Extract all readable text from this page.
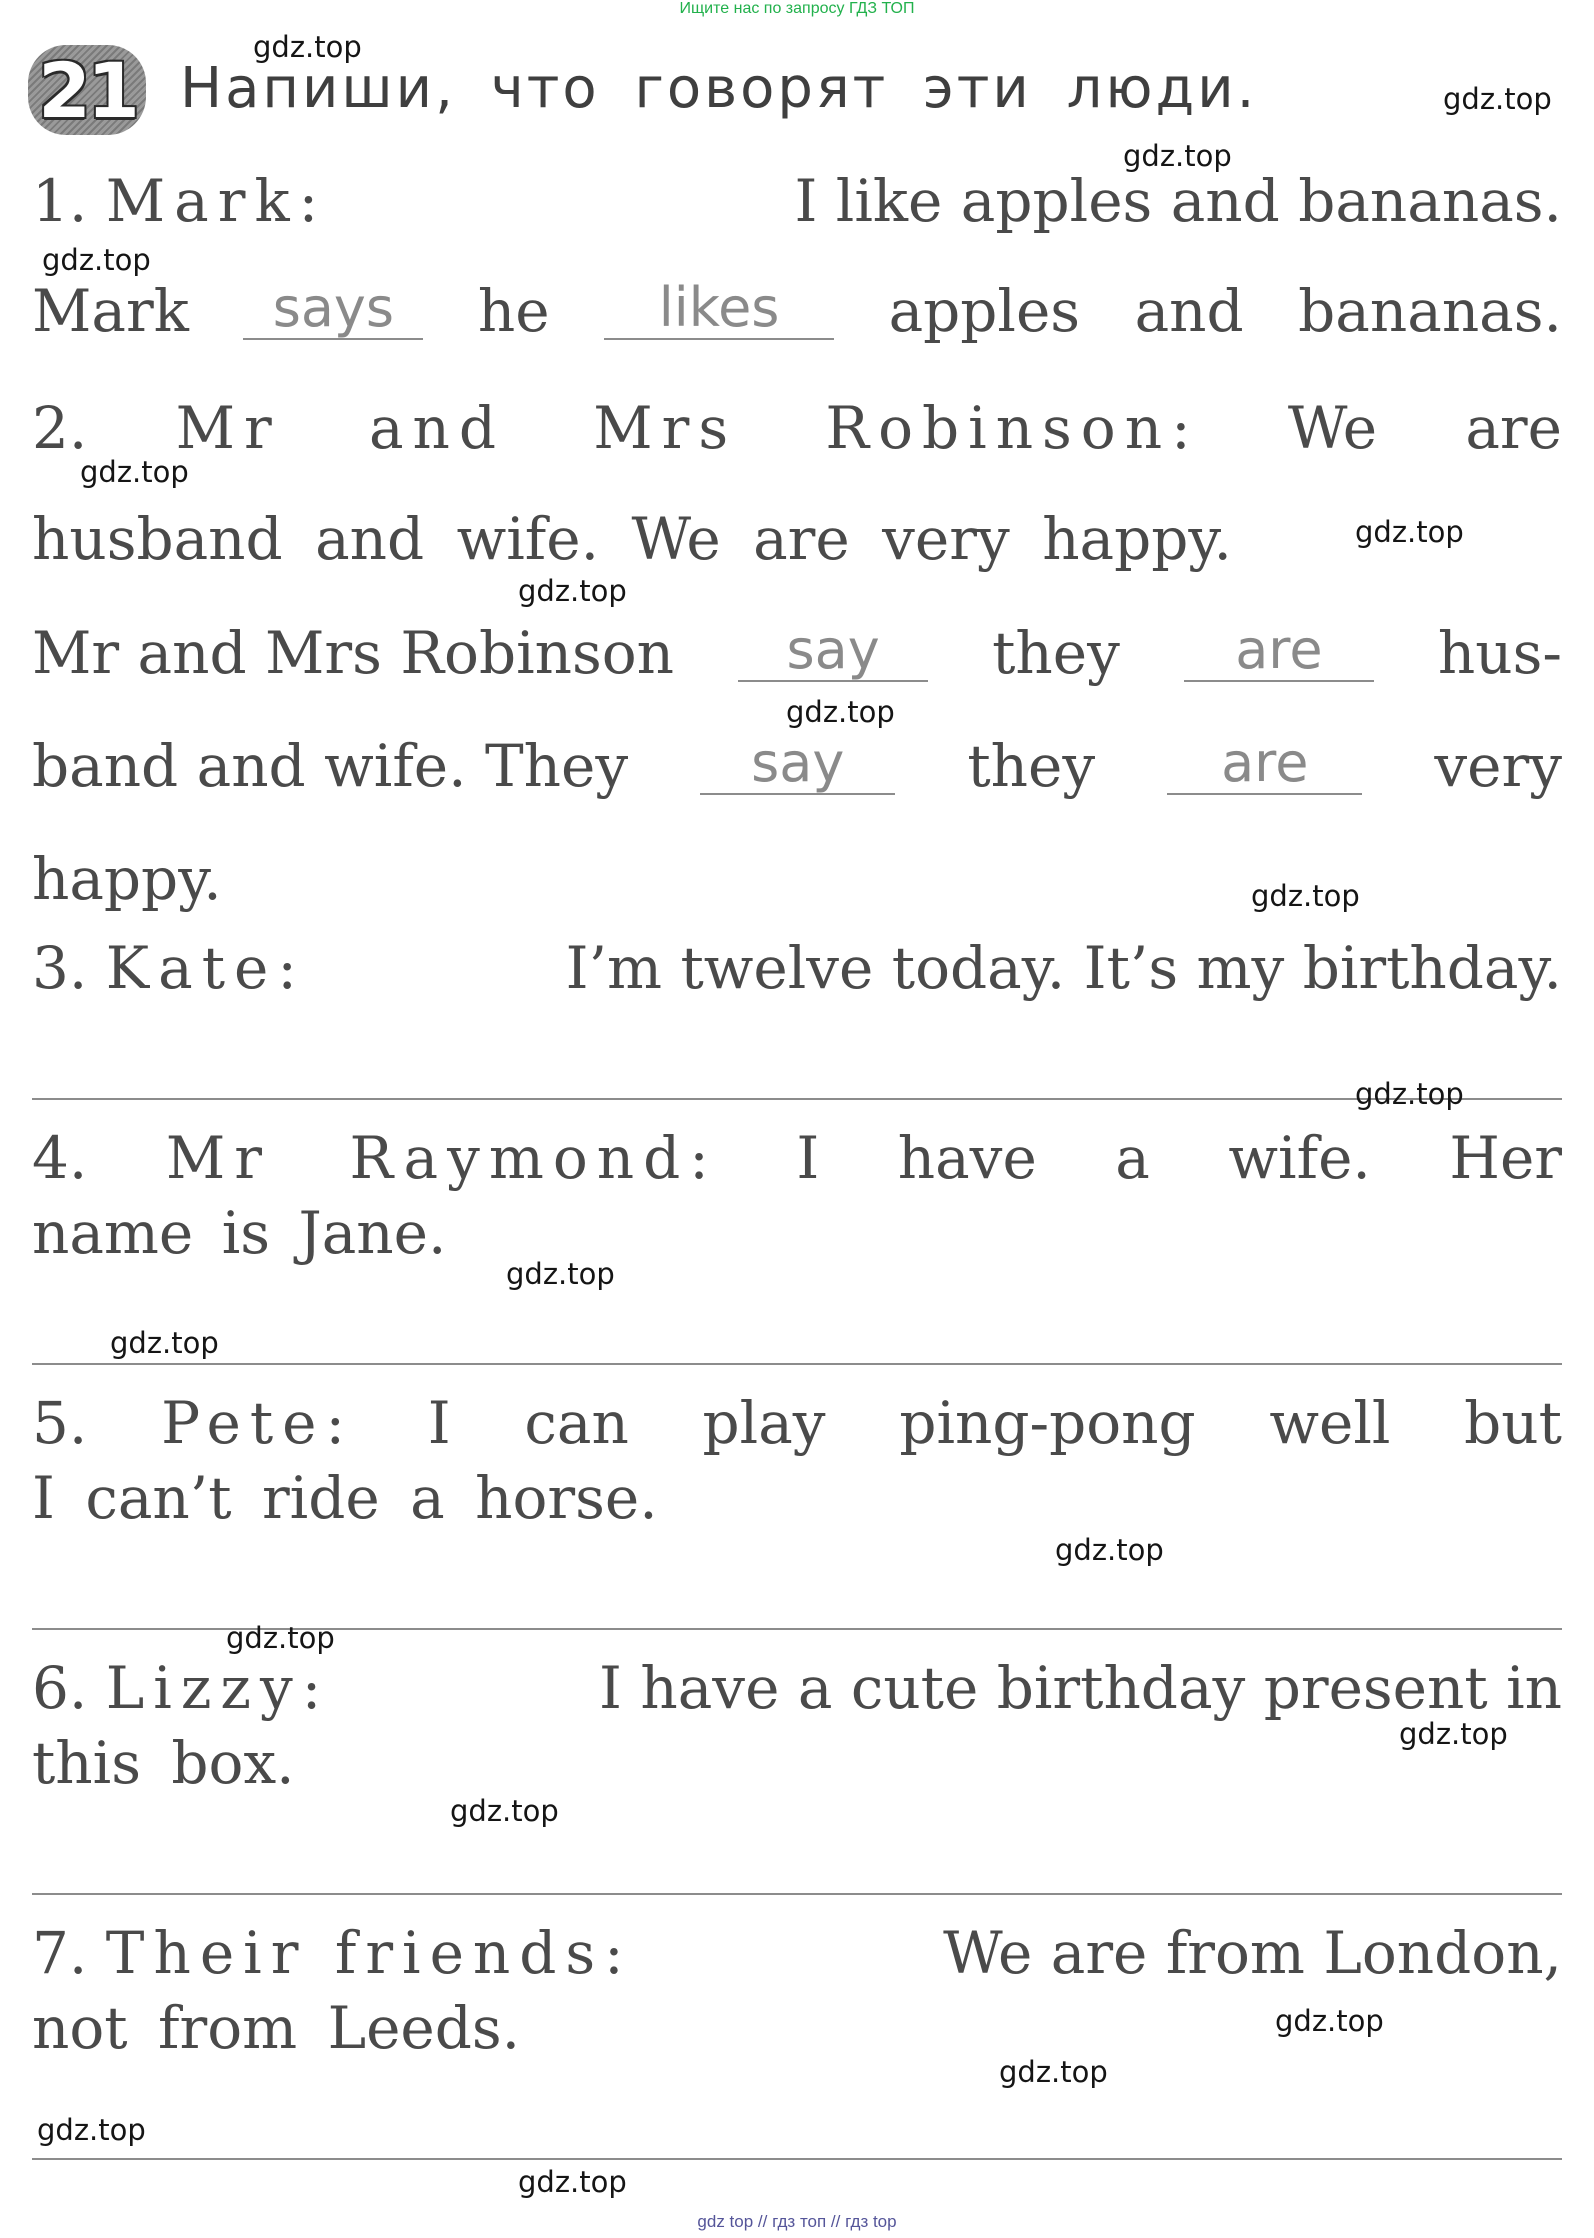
Ищите нас по запросу ГДЗ ТОП
21 Напиши, что говорят эти люди.
1. Mark:	I like apples and bananas.
Mark	says	he	likes	apples and bananas.
2. Mr and Mrs Robinson: We are
husband and wife. We are very happy.
Mr and Mrs Robinson	say	they	are	hus-
band and wife. They	say	they	are	very
happy.
3. Kate:	I’m twelve today. It’s my birthday.
4. Mr Raymond: I have a wife. Her
name is Jane.
5. Pete: I can play ping-pong well but
I can’t ride a horse.
6. Lizzy:	I have a cute birthday present in
this box.
7. Their friends:	We are from London,
not from Leeds.
gdz.top
gdz.top
gdz.top
gdz.top
gdz.top
gdz.top
gdz.top
gdz.top
gdz.top
gdz.top
gdz.top
gdz.top
gdz.top
gdz.top
gdz.top
gdz.top
gdz.top
gdz.top
gdz.top
gdz.top
gdz top // гдз топ // гдз top
